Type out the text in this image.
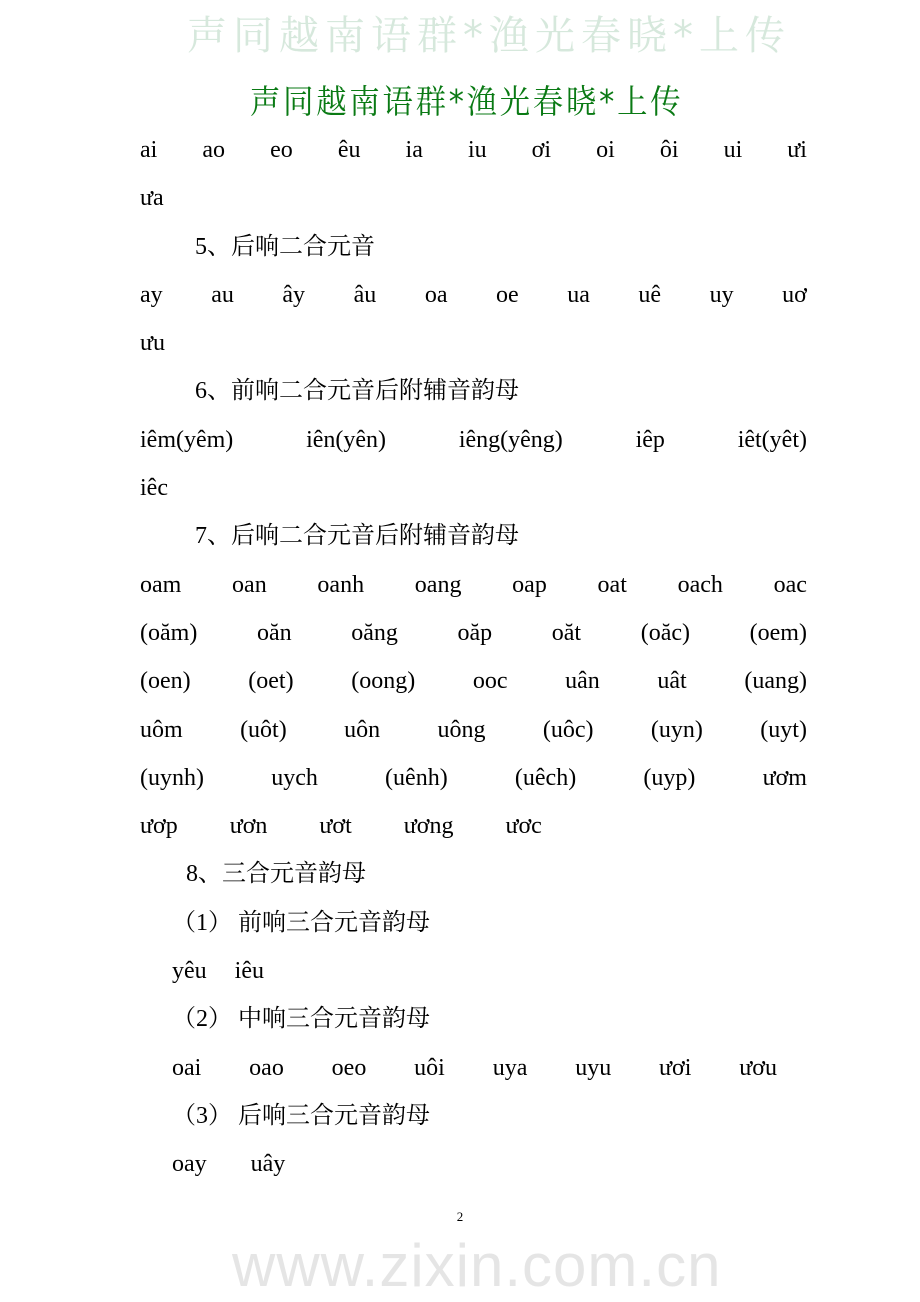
声同越南语群*渔光春晓*上传
声同越南语群*渔光春晓*上传
ai ao eo êu ia iu ơi oi ôi ui ưi
ưa
5、后响二合元音
ay au ây âu oa oe ua uê uy uơ
ưu
6、前响二合元音后附辅音韵母
iêm(yêm)	iên(yên)	iêng(yêng)	iêp	iêt(yêt)
iêc
7、后响二合元音后附辅音韵母
oam oan oanh oang oap oat oach oac
(oăm) oăn oăng oăp oăt (oăc) (oem)
(oen) (oet) (oong) ooc uân uât (uang)
uôm (uôt) uôn uông (uôc) (uyn) (uyt)
(uynh)	uych	(uênh)	(uêch)	(uyp)	ươm
ươp ươn ươt ương ươc
8、三合元音韵母
（1） 前响三合元音韵母
yêu iêu
（2） 中响三合元音韵母
oai oao oeo uôi uya uyu ươi ươu
（3） 后响三合元音韵母
oay uây
2
www.zixin.com.cn
